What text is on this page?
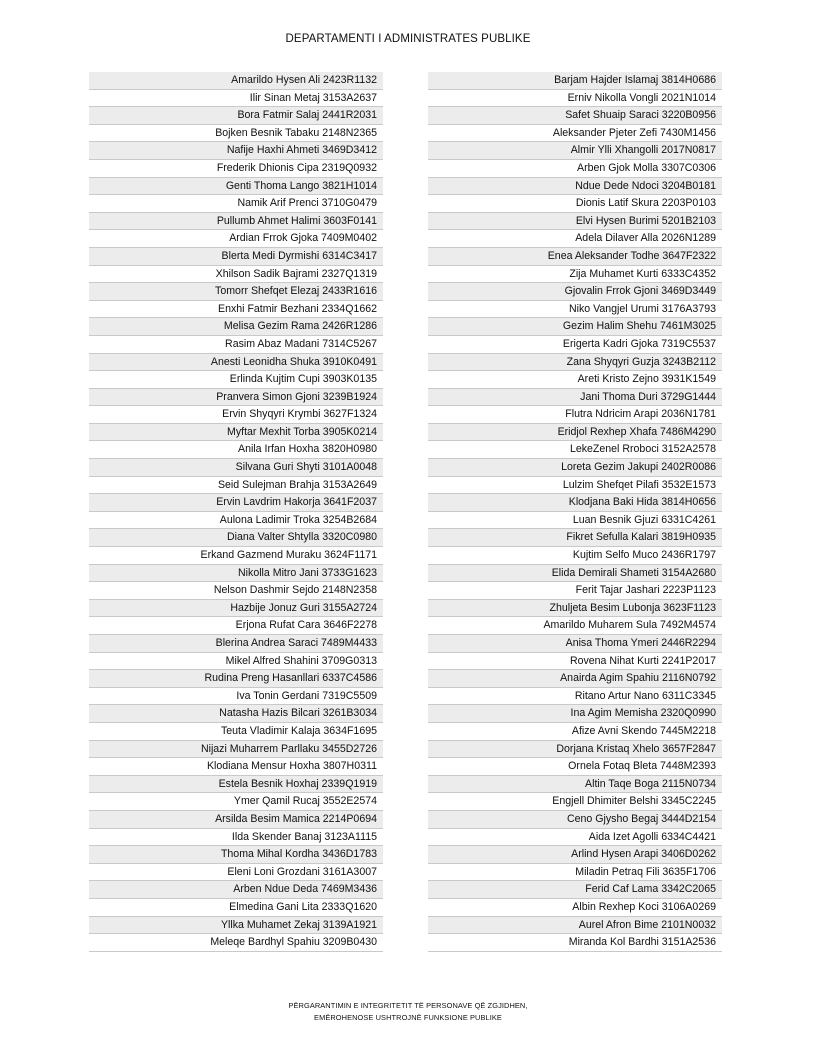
DEPARTAMENTI I ADMINISTRATES PUBLIKE
Amarildo Hysen Ali 2423R1132
Ilir Sinan Metaj 3153A2637
Bora Fatmir Salaj 2441R2031
Bojken Besnik Tabaku 2148N2365
Nafije Haxhi Ahmeti 3469D3412
Frederik Dhionis Cipa 2319Q0932
Genti Thoma Lango 3821H1014
Namik Arif Prenci 3710G0479
Pullumb Ahmet Halimi 3603F0141
Ardian Frrok Gjoka 7409M0402
Blerta Medi Dyrmishi 6314C3417
Xhilson Sadik Bajrami 2327Q1319
Tomorr Shefqet Elezaj 2433R1616
Enxhi Fatmir Bezhani 2334Q1662
Melisa Gezim Rama 2426R1286
Rasim Abaz Madani 7314C5267
Anesti Leonidha Shuka 3910K0491
Erlinda Kujtim Cupi 3903K0135
Pranvera Simon Gjoni 3239B1924
Ervin Shyqyri Krymbi 3627F1324
Myftar Mexhit Torba 3905K0214
Anila Irfan Hoxha 3820H0980
Silvana Guri Shyti 3101A0048
Seid Sulejman Brahja 3153A2649
Ervin Lavdrim Hakorja 3641F2037
Aulona Ladimir Troka 3254B2684
Diana Valter Shtylla 3320C0980
Erkand Gazmend Muraku 3624F1171
Nikolla Mitro Jani 3733G1623
Nelson Dashmir Sejdo 2148N2358
Hazbije Jonuz Guri 3155A2724
Erjona Rufat Cara 3646F2278
Blerina Andrea Saraci 7489M4433
Mikel Alfred Shahini 3709G0313
Rudina Preng Hasanllari 6337C4586
Iva Tonin Gerdani 7319C5509
Natasha Hazis Bilcari 3261B3034
Teuta Vladimir Kalaja 3634F1695
Nijazi Muharrem Parllaku 3455D2726
Klodiana Mensur Hoxha 3807H0311
Estela Besnik Hoxhaj 2339Q1919
Ymer Qamil Rucaj 3552E2574
Arsilda Besim Mamica 2214P0694
Ilda Skender Banaj 3123A1115
Thoma Mihal Kordha 3436D1783
Eleni Loni Grozdani 3161A3007
Arben Ndue Deda 7469M3436
Elmedina Gani Lita 2333Q1620
Yllka Muhamet Zekaj 3139A1921
Meleqe Bardhyl Spahiu 3209B0430
Barjam Hajder Islamaj 3814H0686
Erniv Nikolla Vongli 2021N1014
Safet Shuaip Saraci 3220B0956
Aleksander Pjeter Zefi 7430M1456
Almir Ylli Xhangolli 2017N0817
Arben Gjok Molla 3307C0306
Ndue Dede Ndoci 3204B0181
Dionis Latif Skura 2203P0103
Elvi Hysen Burimi 5201B2103
Adela Dilaver Alla 2026N1289
Enea Aleksander Todhe 3647F2322
Zija Muhamet Kurti 6333C4352
Gjovalin Frrok Gjoni 3469D3449
Niko Vangjel Urumi 3176A3793
Gezim Halim Shehu 7461M3025
Erigerta Kadri Gjoka 7319C5537
Zana Shyqyri Guzja 3243B2112
Areti Kristo Zejno 3931K1549
Jani Thoma Duri 3729G1444
Flutra Ndricim Arapi 2036N1781
Eridjol Rexhep Xhafa 7486M4290
LekeZenel Rroboci 3152A2578
Loreta Gezim Jakupi 2402R0086
Lulzim Shefqet Pilafi 3532E1573
Klodjana Baki Hida 3814H0656
Luan Besnik Gjuzi 6331C4261
Fikret Sefulla Kalari 3819H0935
Kujtim Selfo Muco 2436R1797
Elida Demirali Shameti 3154A2680
Ferit Tajar Jashari 2223P1123
Zhuljeta Besim Lubonja 3623F1123
Amarildo Muharem Sula 7492M4574
Anisa Thoma Ymeri 2446R2294
Rovena Nihat Kurti 2241P2017
Anairda Agim Spahiu 2116N0792
Ritano Artur Nano 6311C3345
Ina Agim Memisha 2320Q0990
Afize Avni Skendo 7445M2218
Dorjana Kristaq Xhelo 3657F2847
Ornela Fotaq Bleta 7448M2393
Altin Taqe Boga 2115N0734
Engjell Dhimiter Belshi 3345C2245
Ceno Gjysho Begaj 3444D2154
Aida Izet Agolli 6334C4421
Arlind Hysen Arapi 3406D0262
Miladin Petraq Fili 3635F1706
Ferid Caf Lama 3342C2065
Albin Rexhep Koci 3106A0269
Aurel Afron Bime 2101N0032
Miranda Kol Bardhi 3151A2536
PËRGARANTIMIN E INTEGRITETIT TË PERSONAVE QË ZGJIDHEN,
EMËROHENOSE USHTROJNË FUNKSIONE PUBLIKE
